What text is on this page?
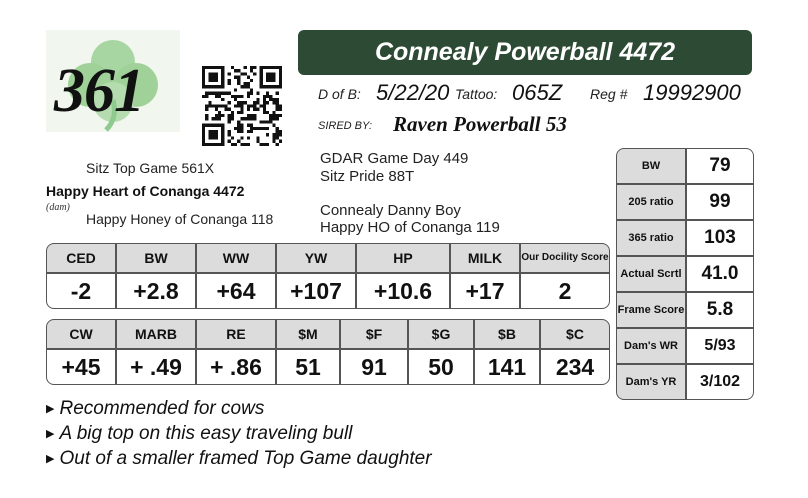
361
Connealy Powerball 4472
D of B: 5/22/20 Tattoo: 065Z Reg # 19992900
SIRED BY: Raven Powerball 53
Sitz Top Game 561X
Happy Heart of Conanga 4472
(dam)
Happy Honey of Conanga 118
GDAR Game Day 449
Sitz Pride 88T
Connealy Danny Boy
Happy HO of Conanga 119
CED	BW	WW	YW	HP	MILK	Our Docility Score
-2	+2.8	+64	+107	+10.6	+17	2
CW	MARB	RE	$M	$F	$G	$B	$C
+45	+ .49	+ .86	51	91	50	141	234
BW	79
205 ratio	99
365 ratio	103
Actual Scrtl	41.0
Frame Score	5.8
Dam's WR	5/93
Dam's YR	3/102
▶ Recommended for cows
▶ A big top on this easy traveling bull
▶ Out of a smaller framed Top Game daughter
